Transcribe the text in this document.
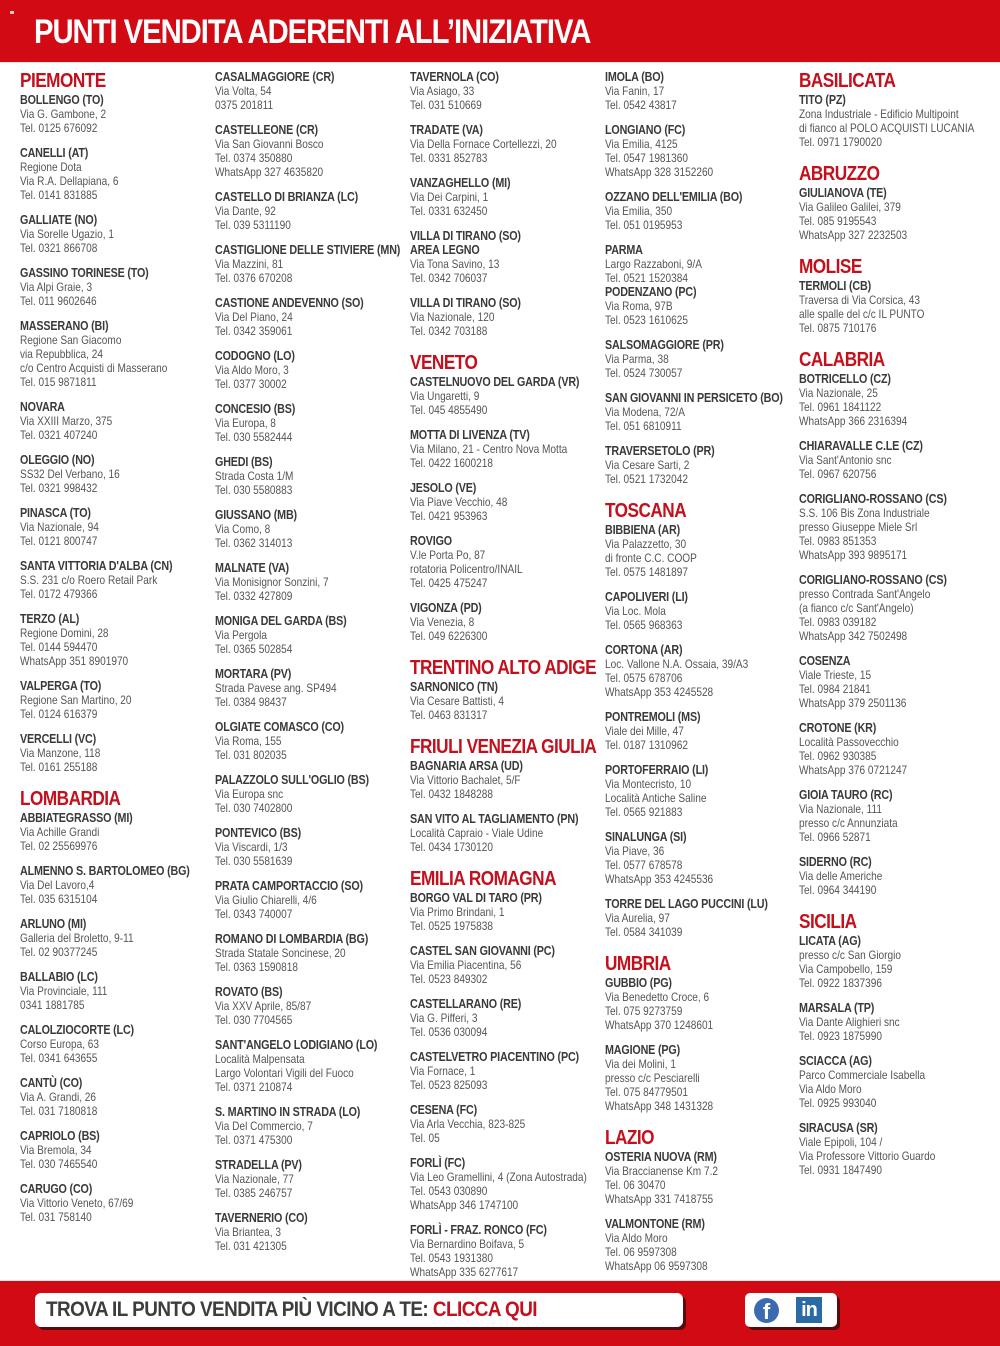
PUNTI VENDITA ADERENTI ALL’INIZIATIVA
PIEMONTE
BOLLENGO (TO)
Via G. Gambone, 2
Tel. 0125 676092
CANELLI (AT)
Regione Dota
Via R.A. Dellapiana, 6
Tel. 0141 831885
GALLIATE (NO)
Via Sorelle Ugazio, 1
Tel. 0321 866708
GASSINO TORINESE (TO)
Via Alpi Graie, 3
Tel. 011 9602646
MASSERANO (BI)
Regione San Giacomo
via Repubblica, 24
c/o Centro Acquisti di Masserano
Tel. 015 9871811
NOVARA
Via XXIII Marzo, 375
Tel. 0321 407240
OLEGGIO (NO)
SS32 Del Verbano, 16
Tel. 0321 998432
PINASCA (TO)
Via Nazionale, 94
Tel. 0121 800747
SANTA VITTORIA D'ALBA (CN)
S.S. 231 c/o Roero Retail Park
Tel. 0172 479366
TERZO (AL)
Regione Domini, 28
Tel. 0144 594470
WhatsApp 351 8901970
VALPERGA (TO)
Regione San Martino, 20
Tel. 0124 616379
VERCELLI (VC)
Via Manzone, 118
Tel. 0161 255188
LOMBARDIA
ABBIATEGRASSO (MI)
Via Achille Grandi
Tel. 02 25569976
ALMENNO S. BARTOLOMEO (BG)
Via Del Lavoro,4
Tel. 035 6315104
ARLUNO (MI)
Galleria del Broletto, 9-11
Tel. 02 90377245
BALLABIO (LC)
Via Provinciale, 111
0341 1881785
CALOLZIOCORTE (LC)
Corso Europa, 63
Tel. 0341 643655
CANTÙ (CO)
Via A. Grandi, 26
Tel. 031 7180818
CAPRIOLO (BS)
Via Bremola, 34
Tel. 030 7465540
CARUGO (CO)
Via Vittorio Veneto, 67/69
Tel. 031 758140
CASALMAGGIORE (CR)
Via Volta, 54
0375 201811
CASTELLEONE (CR)
Via San Giovanni Bosco
Tel. 0374 350880
WhatsApp 327 4635820
CASTELLO DI BRIANZA (LC)
Via Dante, 92
Tel. 039 5311190
CASTIGLIONE DELLE STIVIERE (MN)
Via Mazzini, 81
Tel. 0376 670208
CASTIONE ANDEVENNO (SO)
Via Del Piano, 24
Tel. 0342 359061
CODOGNO (LO)
Via Aldo Moro, 3
Tel. 0377 30002
CONCESIO (BS)
Via Europa, 8
Tel. 030 5582444
GHEDI (BS)
Strada Costa 1/M
Tel. 030 5580883
GIUSSANO (MB)
Via Como, 8
Tel. 0362 314013
MALNATE (VA)
Via Monisignor Sonzini, 7
Tel. 0332 427809
MONIGA DEL GARDA (BS)
Via Pergola
Tel. 0365 502854
MORTARA (PV)
Strada Pavese ang. SP494
Tel. 0384 98437
OLGIATE COMASCO (CO)
Via Roma, 155
Tel. 031 802035
PALAZZOLO SULL'OGLIO (BS)
Via Europa snc
Tel. 030 7402800
PONTEVICO (BS)
Via Viscardi, 1/3
Tel. 030 5581639
PRATA CAMPORTACCIO (SO)
Via Giulio Chiarelli, 4/6
Tel. 0343 740007
ROMANO DI LOMBARDIA (BG)
Strada Statale Soncinese, 20
Tel. 0363 1590818
ROVATO (BS)
Via XXV Aprile, 85/87
Tel. 030 7704565
SANT'ANGELO LODIGIANO (LO)
Località Malpensata
Largo Volontari Vigili del Fuoco
Tel. 0371 210874
S. MARTINO IN STRADA (LO)
Via Del Commercio, 7
Tel. 0371 475300
STRADELLA (PV)
Via Nazionale, 77
Tel. 0385 246757
TAVERNERIO (CO)
Via Briantea, 3
Tel. 031 421305
TAVERNOLA (CO)
Via Asiago, 33
Tel. 031 510669
TRADATE (VA)
Via Della Fornace Cortellezzi, 20
Tel. 0331 852783
VANZAGHELLO (MI)
Via Dei Carpini, 1
Tel. 0331 632450
VILLA DI TIRANO (SO)
AREA LEGNO
Via Tona Savino, 13
Tel. 0342 706037
VILLA DI TIRANO (SO)
Via Nazionale, 120
Tel. 0342 703188
VENETO
CASTELNUOVO DEL GARDA (VR)
Via Ungaretti, 9
Tel. 045 4855490
MOTTA DI LIVENZA (TV)
Via Milano, 21 - Centro Nova Motta
Tel. 0422 1600218
JESOLO (VE)
Via Piave Vecchio, 48
Tel. 0421 953963
ROVIGO
V.le Porta Po, 87
rotatoria Policentro/INAIL
Tel. 0425 475247
VIGONZA (PD)
Via Venezia, 8
Tel. 049 6226300
TRENTINO ALTO ADIGE
SARNONICO (TN)
Via Cesare Battisti, 4
Tel. 0463 831317
FRIULI VENEZIA GIULIA
BAGNARIA ARSA (UD)
Via Vittorio Bachalet, 5/F
Tel. 0432 1848288
SAN VITO AL TAGLIAMENTO (PN)
Località Capraio - Viale Udine
Tel. 0434 1730120
EMILIA ROMAGNA
BORGO VAL DI TARO (PR)
Via Primo Brindani, 1
Tel. 0525 1975838
CASTEL SAN GIOVANNI (PC)
Via Emilia Piacentina, 56
Tel. 0523 849302
CASTELLARANO (RE)
Via G. Pifferi, 3
Tel. 0536 030094
CASTELVETRO PIACENTINO (PC)
Via Fornace, 1
Tel. 0523 825093
CESENA (FC)
Via Arla Vecchia, 823-825
Tel. 05
FORLÌ (FC)
Via Leo Gramellini, 4 (Zona Autostrada)
Tel. 0543 030890
WhatsApp 346 1747100
FORLÌ - FRAZ. RONCO (FC)
Via Bernardino Boifava, 5
Tel. 0543 1931380
WhatsApp 335 6277617
IMOLA (BO)
Via Fanin, 17
Tel. 0542 43817
LONGIANO (FC)
Via Emilia, 4125
Tel. 0547 1981360
WhatsApp 328 3152260
OZZANO DELL'EMILIA (BO)
Via Emilia, 350
Tel. 051 0195953
PARMA
Largo Razzaboni, 9/A
Tel. 0521 1520384
PODENZANO (PC)
Via Roma, 97B
Tel. 0523 1610625
SALSOMAGGIORE (PR)
Via Parma, 38
Tel. 0524 730057
SAN GIOVANNI IN PERSICETO (BO)
Via Modena, 72/A
Tel. 051 6810911
TRAVERSETOLO (PR)
Via Cesare Sarti, 2
Tel. 0521 1732042
TOSCANA
BIBBIENA (AR)
Via Palazzetto, 30
di fronte C.C. COOP
Tel. 0575 1481897
CAPOLIVERI (LI)
Via Loc. Mola
Tel. 0565 968363
CORTONA (AR)
Loc. Vallone N.A. Ossaia, 39/A3
Tel. 0575 678706
WhatsApp 353 4245528
PONTREMOLI (MS)
Viale dei Mille, 47
Tel. 0187 1310962
PORTOFERRAIO (LI)
Via Montecristo, 10
Località Antiche Saline
Tel. 0565 921883
SINALUNGA (SI)
Via Piave, 36
Tel. 0577 678578
WhatsApp 353 4245536
TORRE DEL LAGO PUCCINI (LU)
Via Aurelia, 97
Tel. 0584 341039
UMBRIA
GUBBIO (PG)
Via Benedetto Croce, 6
Tel. 075 9273759
WhatsApp 370 1248601
MAGIONE (PG)
Via dei Molini, 1
presso c/c Pesciarelli
Tel. 075 84779501
WhatsApp 348 1431328
LAZIO
OSTERIA NUOVA (RM)
Via Braccianense Km 7.2
Tel. 06 30470
WhatsApp 331 7418755
VALMONTONE (RM)
Via Aldo Moro
Tel. 06 9597308
WhatsApp 06 9597308
BASILICATA
TITO (PZ)
Zona Industriale - Edificio Multipoint
di fianco al POLO ACQUISTI LUCANIA
Tel. 0971 1790020
ABRUZZO
GIULIANOVA (TE)
Via Galileo Galilei, 379
Tel. 085 9195543
WhatsApp 327 2232503
MOLISE
TERMOLI (CB)
Traversa di Via Corsica, 43
alle spalle del c/c IL PUNTO
Tel. 0875 710176
CALABRIA
BOTRICELLO (CZ)
Via Nazionale, 25
Tel. 0961 1841122
WhatsApp 366 2316394
CHIARAVALLE C.LE (CZ)
Via Sant'Antonio snc
Tel. 0967 620756
CORIGLIANO-ROSSANO (CS)
S.S. 106 Bis Zona Industriale
presso Giuseppe Miele Srl
Tel. 0983 851353
WhatsApp 393 9895171
CORIGLIANO-ROSSANO (CS)
presso Contrada Sant'Angelo
(a fianco c/c Sant'Angelo)
Tel. 0983 039182
WhatsApp 342 7502498
COSENZA
Viale Trieste, 15
Tel. 0984 21841
WhatsApp 379 2501136
CROTONE (KR)
Località Passovecchio
Tel. 0962 930385
WhatsApp 376 0721247
GIOIA TAURO (RC)
Via Nazionale, 111
presso c/c Annunziata
Tel. 0966 52871
SIDERNO (RC)
Via delle Americhe
Tel. 0964 344190
SICILIA
LICATA (AG)
presso c/c San Giorgio
Via Campobello, 159
Tel. 0922 1837396
MARSALA (TP)
Via Dante Alighieri snc
Tel. 0923 1875990
SCIACCA (AG)
Parco Commerciale Isabella
Via Aldo Moro
Tel. 0925 993040
SIRACUSA (SR)
Viale Epipoli, 104 /
Via Professore Vittorio Guardo
Tel. 0931 1847490
TROVA IL PUNTO VENDITA PIÙ VICINO A TE: CLICCA QUI	f	in
